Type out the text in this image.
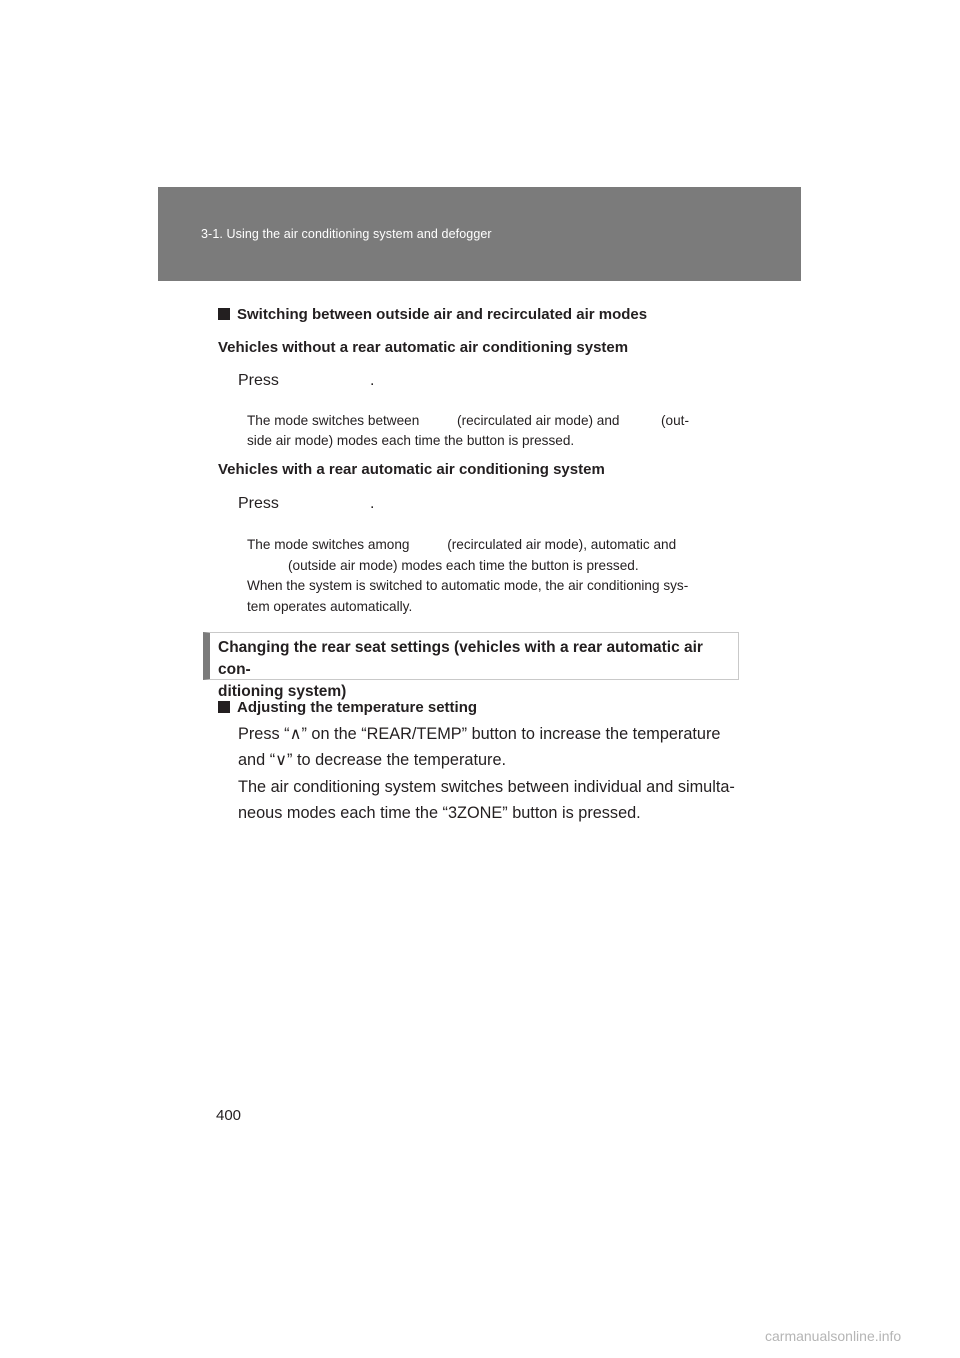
3-1. Using the air conditioning system and defogger
Switching between outside air and recirculated air modes
Vehicles without a rear automatic air conditioning system
Press	.
The mode switches between          (recirculated air mode) and           (out-
side air mode) modes each time the button is pressed.
Vehicles with a rear automatic air conditioning system
Press	.
The mode switches among          (recirculated air mode), automatic and
(outside air mode) modes each time the button is pressed.
When the system is switched to automatic mode, the air conditioning sys-
tem operates automatically.
Changing the rear seat settings (vehicles with a rear automatic air con-
ditioning system)
Adjusting the temperature setting
Press “∧” on the “REAR/TEMP” button to increase the temperature
and “∨” to decrease the temperature.
The air conditioning system switches between individual and simulta-
neous modes each time the “3ZONE” button is pressed.
400
carmanualsonline.info
